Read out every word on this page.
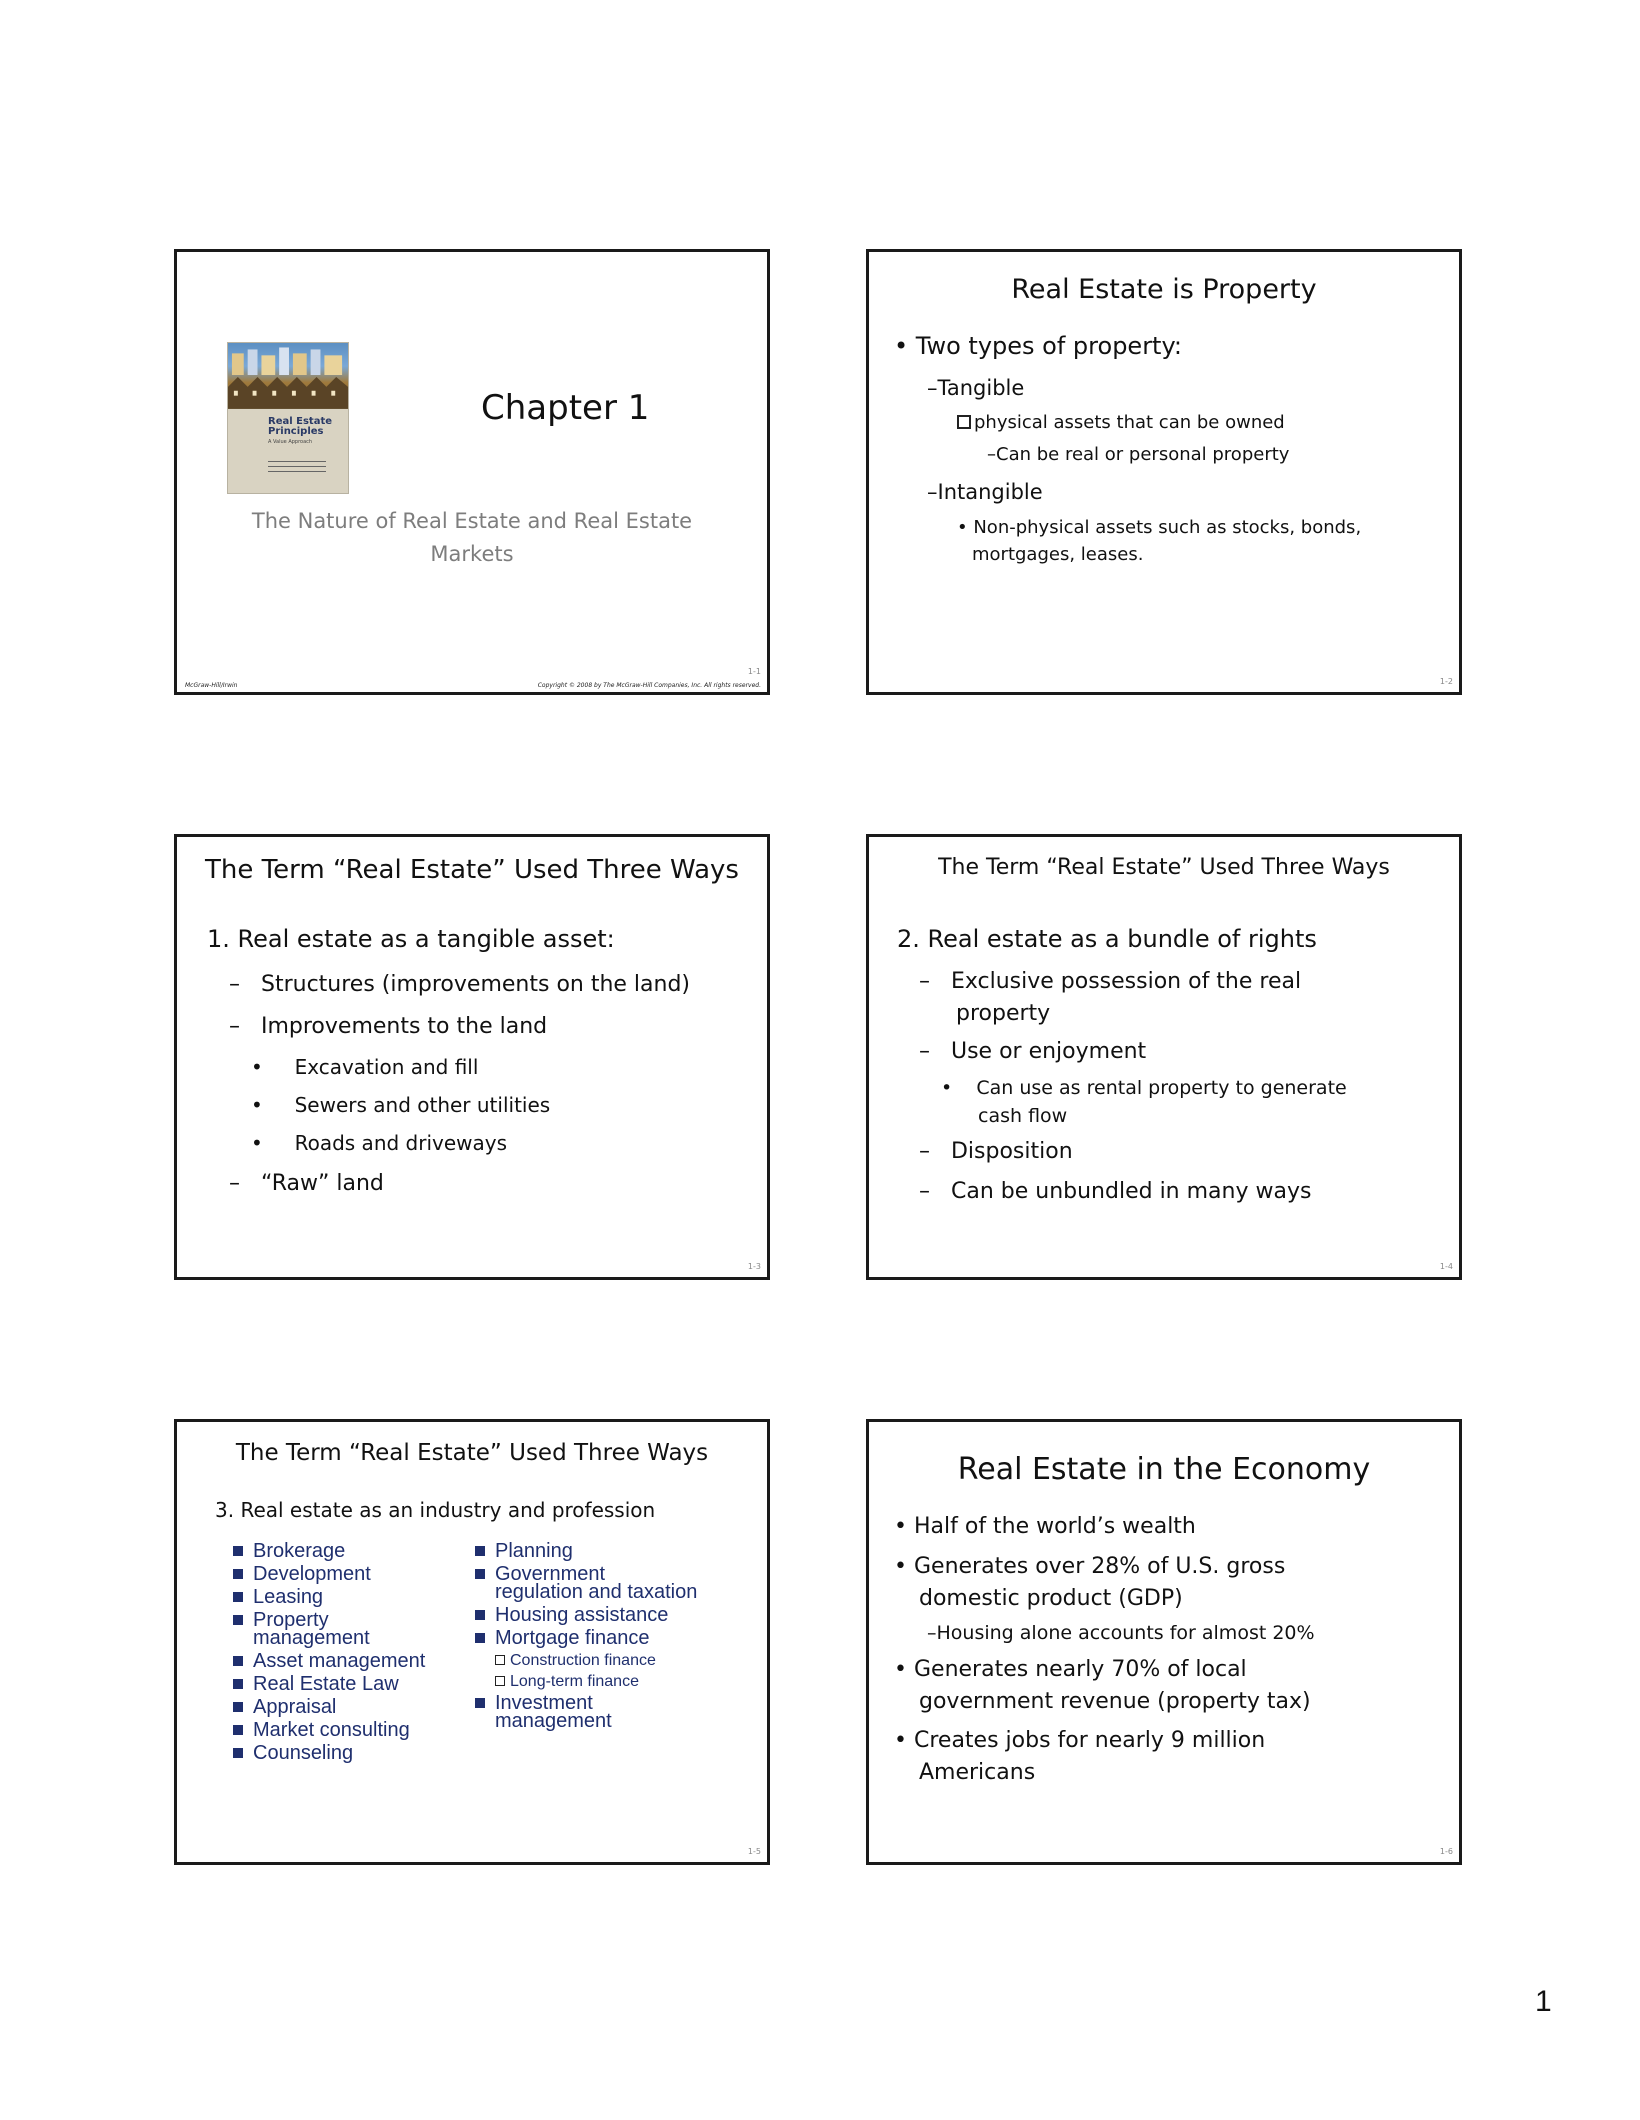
Real Estate
Principles
A Value Approach
Chapter 1
The Nature of Real Estate and Real Estate Markets
McGraw-Hill/Irwin	Copyright © 2008 by The McGraw-Hill Companies, Inc. All rights reserved.
1-1
Real Estate is Property
• Two types of property:
–Tangible
physical assets that can be owned
–Can be real or personal property
–Intangible
• Non-physical assets such as stocks, bonds,
mortgages, leases.
1-2
The Term “Real Estate” Used Three Ways
1. Real estate as a tangible asset:
–   Structures (improvements on the land)
–   Improvements to the land
•     Excavation and fill
•     Sewers and other utilities
•     Roads and driveways
–   “Raw” land
1-3
The Term “Real Estate” Used Three Ways
2. Real estate as a bundle of rights
–   Exclusive possession of the real
property
–   Use or enjoyment
•    Can use as rental property to generate
cash flow
–   Disposition
–   Can be unbundled in many ways
1-4
The Term “Real Estate” Used Three Ways
3. Real estate as an industry and profession
Brokerage
Development
Leasing
Property
management
Asset management
Real Estate Law
Appraisal
Market consulting
Counseling
Planning
Government
regulation and taxation
Housing assistance
Mortgage finance
Construction finance
Long-term finance
Investment
management
1-5
Real Estate in the Economy
• Half of the world’s wealth
• Generates over 28% of U.S. gross
domestic product (GDP)
–Housing alone accounts for almost 20%
• Generates nearly 70% of local
government revenue (property tax)
• Creates jobs for nearly 9 million
Americans
1-6
1
